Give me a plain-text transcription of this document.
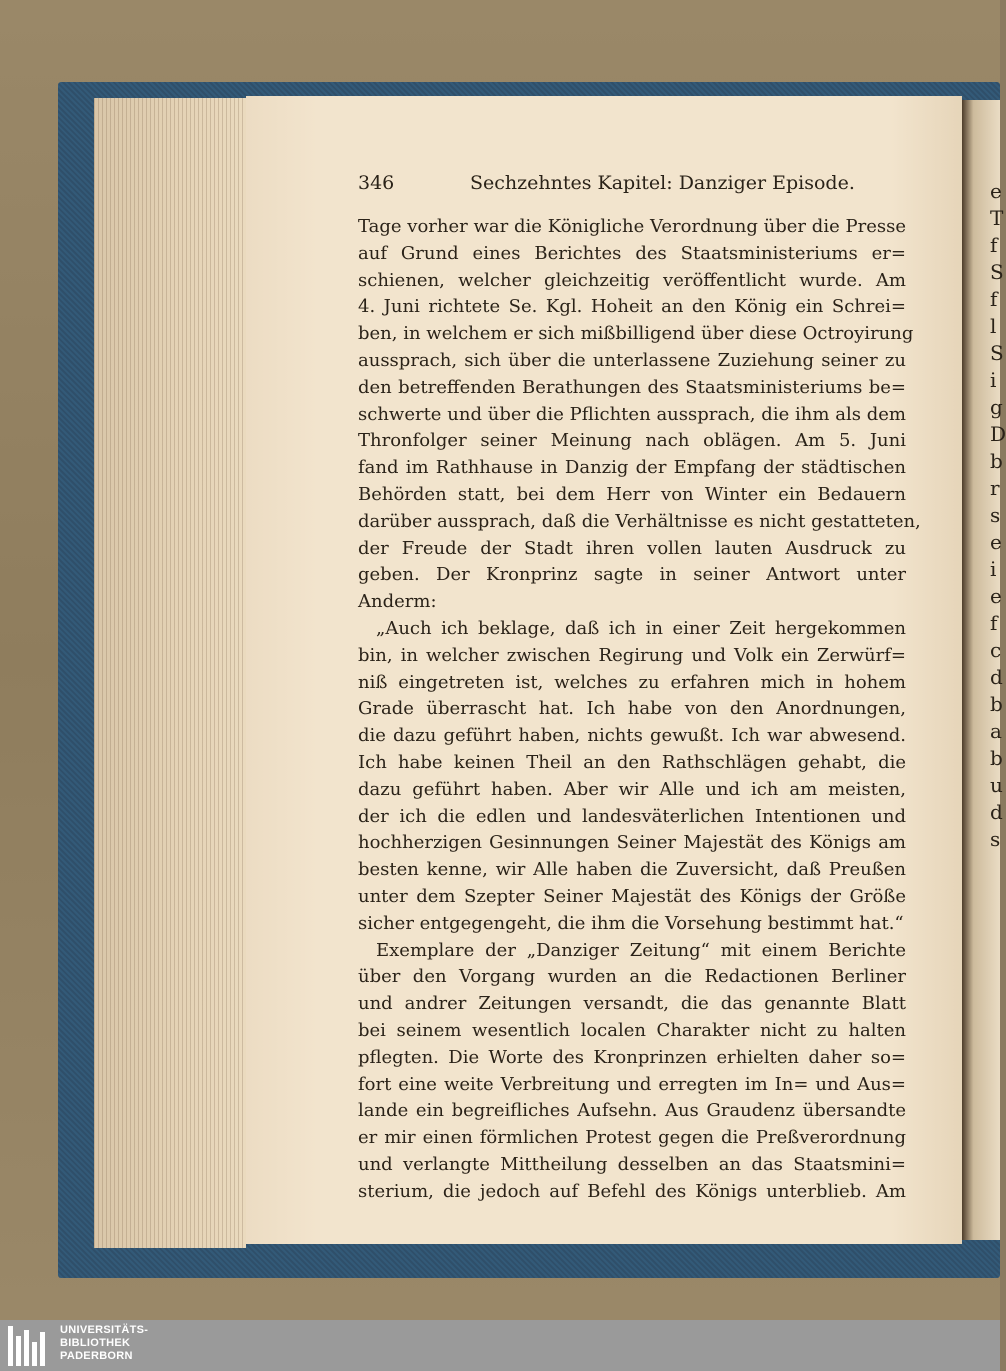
e
T
f
S
f
l
S
i
g
D
b
r
s
e
i
e
f
c
d
b
a
b
u
d
s
346	Sechzehntes Kapitel: Danziger Episode.
Tage vorher war die Königliche Verordnung über die Presse
auf Grund eines Berichtes des Staatsministeriums er=
schienen, welcher gleichzeitig veröffentlicht wurde. Am
4. Juni richtete Se. Kgl. Hoheit an den König ein Schrei=
ben, in welchem er sich mißbilligend über diese Octroyirung
aussprach, sich über die unterlassene Zuziehung seiner zu
den betreffenden Berathungen des Staatsministeriums be=
schwerte und über die Pflichten aussprach, die ihm als dem
Thronfolger seiner Meinung nach oblägen. Am 5. Juni
fand im Rathhause in Danzig der Empfang der städtischen
Behörden statt, bei dem Herr von Winter ein Bedauern
darüber aussprach, daß die Verhältnisse es nicht gestatteten,
der Freude der Stadt ihren vollen lauten Ausdruck zu
geben. Der Kronprinz sagte in seiner Antwort unter
Anderm:
„Auch ich beklage, daß ich in einer Zeit hergekommen
bin, in welcher zwischen Regirung und Volk ein Zerwürf=
niß eingetreten ist, welches zu erfahren mich in hohem
Grade überrascht hat. Ich habe von den Anordnungen,
die dazu geführt haben, nichts gewußt. Ich war abwesend.
Ich habe keinen Theil an den Rathschlägen gehabt, die
dazu geführt haben. Aber wir Alle und ich am meisten,
der ich die edlen und landesväterlichen Intentionen und
hochherzigen Gesinnungen Seiner Majestät des Königs am
besten kenne, wir Alle haben die Zuversicht, daß Preußen
unter dem Szepter Seiner Majestät des Königs der Größe
sicher entgegengeht, die ihm die Vorsehung bestimmt hat.“
Exemplare der „Danziger Zeitung“ mit einem Berichte
über den Vorgang wurden an die Redactionen Berliner
und andrer Zeitungen versandt, die das genannte Blatt
bei seinem wesentlich localen Charakter nicht zu halten
pflegten. Die Worte des Kronprinzen erhielten daher so=
fort eine weite Verbreitung und erregten im In= und Aus=
lande ein begreifliches Aufsehn. Aus Graudenz übersandte
er mir einen förmlichen Protest gegen die Preßverordnung
und verlangte Mittheilung desselben an das Staatsmini=
sterium, die jedoch auf Befehl des Königs unterblieb. Am
UNIVERSITÄTS-
BIBLIOTHEK
PADERBORN
